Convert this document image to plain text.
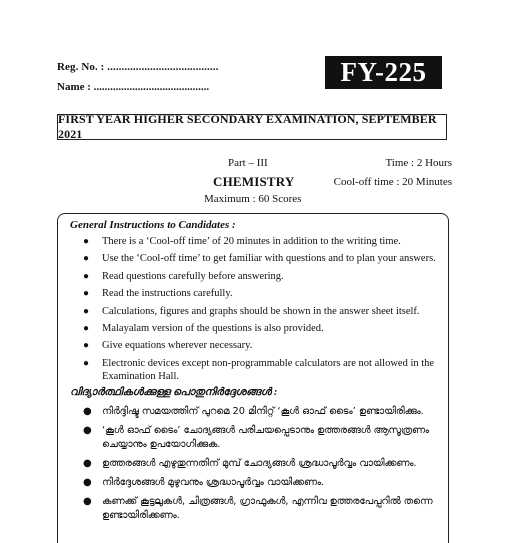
Reg. No. : .......................................
Name : ..........................................	FY-225
FIRST YEAR HIGHER SECONDARY EXAMINATION, SEPTEMBER 2021
Part – III	Time : 2 Hours
CHEMISTRY	Cool-off time : 20 Minutes
Maximum : 60 Scores
General Instructions to Candidates :
● There is a ‘Cool-off time’ of 20 minutes in addition to the writing time.
● Use the ‘Cool-off time’ to get familiar with questions and to plan your answers.
● Read questions carefully before answering.
● Read the instructions carefully.
● Calculations, figures and graphs should be shown in the answer sheet itself.
● Malayalam version of the questions is also provided.
● Give equations wherever necessary.
● Electronic devices except non-programmable calculators are not allowed in the Examination Hall.
വിദ്യാർത്ഥികൾക്കുള്ള പൊതുനിർദ്ദേശങ്ങൾ :
● നിർദ്ദിഷ്ട സമയത്തിന് പുറമെ 20 മിനിറ്റ് ‘കൂൾ ഓഫ് ടൈം’ ഉണ്ടായിരിക്കും.
● ‘കൂൾ ഓഫ് ടൈം’ ചോദ്യങ്ങൾ പരിചയപ്പെടാനും ഉത്തരങ്ങൾ ആസൂത്രണം ചെയ്യാനും ഉപയോഗിക്കുക.
● ഉത്തരങ്ങൾ എഴുതുന്നതിന് മുമ്പ് ചോദ്യങ്ങൾ ശ്രദ്ധാപൂർവ്വം വായിക്കണം.
● നിർദ്ദേശങ്ങൾ മുഴുവനും ശ്രദ്ധാപൂർവ്വം വായിക്കണം.
● കണക്ക് കൂട്ടലുകൾ, ചിത്രങ്ങൾ, ഗ്രാഫുകൾ, എന്നിവ ഉത്തരപേപ്പറിൽ തന്നെ ഉണ്ടായിരിക്കണം.
